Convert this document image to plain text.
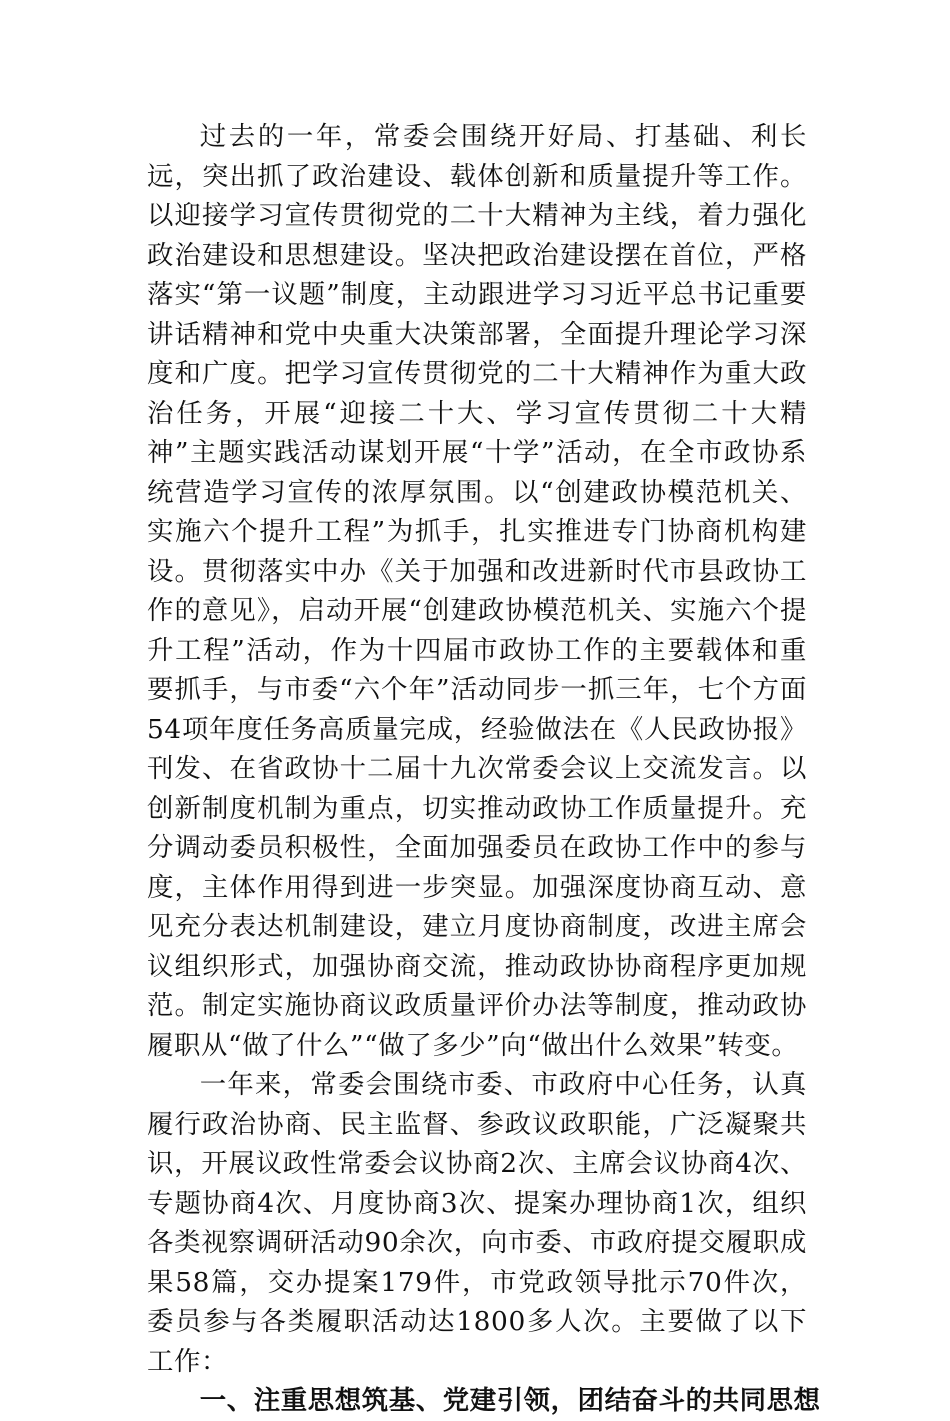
过去的一年，常委会围绕开好局、打基础、利长远，突出抓了政治建设、载体创新和质量提升等工作。以迎接学习宣传贯彻党的二十大精神为主线，着力强化政治建设和思想建设。坚决把政治建设摆在首位，严格落实“第一议题”制度，主动跟进学习习近平总书记重要讲话精神和党中央重大决策部署，全面提升理论学习深度和广度。把学习宣传贯彻党的二十大精神作为重大政治任务，开展“迎接二十大、学习宣传贯彻二十大精神”主题实践活动谋划开展“十学”活动，在全市政协系统营造学习宣传的浓厚氛围。以“创建政协模范机关、实施六个提升工程”为抓手，扎实推进专门协商机构建设。贯彻落实中办《关于加强和改进新时代市县政协工作的意见》，启动开展“创建政协模范机关、实施六个提升工程”活动，作为十四届市政协工作的主要载体和重要抓手，与市委“六个年”活动同步一抓三年，七个方面54项年度任务高质量完成，经验做法在《人民政协报》刊发、在省政协十二届十九次常委会议上交流发言。以创新制度机制为重点，切实推动政协工作质量提升。充分调动委员积极性，全面加强委员在政协工作中的参与度，主体作用得到进一步突显。加强深度协商互动、意见充分表达机制建设，建立月度协商制度，改进主席会议组织形式，加强协商交流，推动政协协商程序更加规范。制定实施协商议政质量评价办法等制度，推动政协履职从“做了什么”“做了多少”向“做出什么效果”转变。

一年来，常委会围绕市委、市政府中心任务，认真履行政治协商、民主监督、参政议政职能，广泛凝聚共识，开展议政性常委会议协商2次、主席会议协商4次、专题协商4次、月度协商3次、提案办理协商1次，组织各类视察调研活动90余次，向市委、市政府提交履职成果58篇，交办提案179件，市党政领导批示70件次，委员参与各类履职活动达1800多人次。主要做了以下工作：

一、注重思想筑基、党建引领，团结奋斗的共同思想
